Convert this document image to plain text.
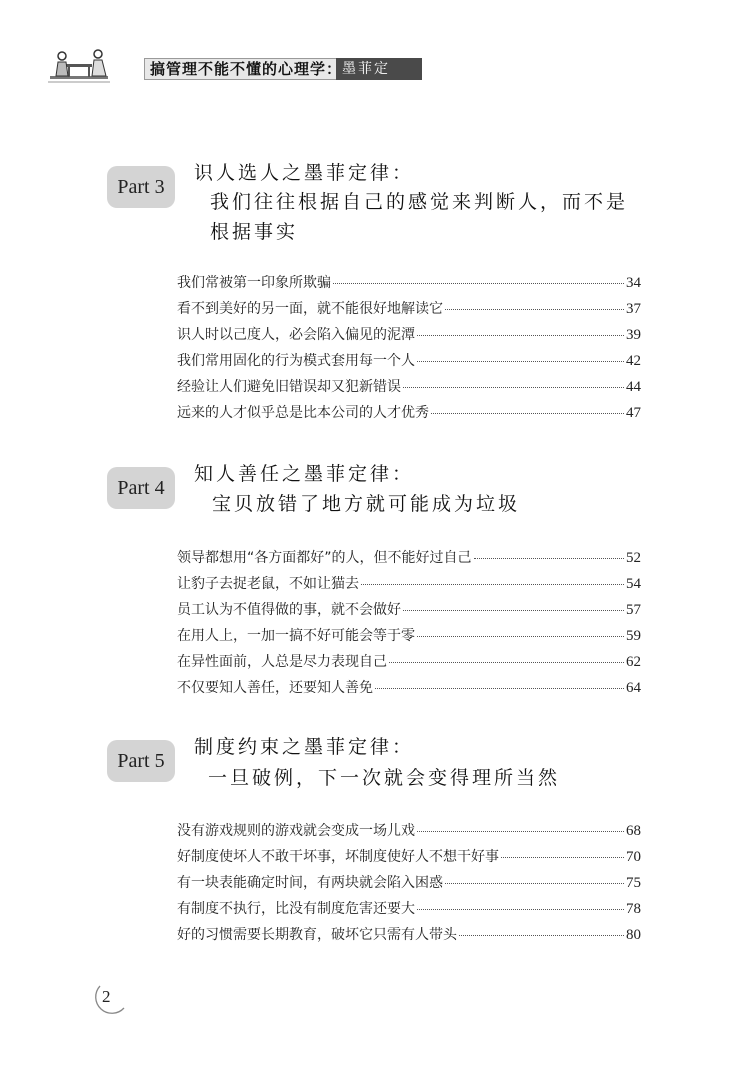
搞管理不能不懂的心理学： 墨菲定律
Part 3
识人选人之墨菲定律：
我们往往根据自己的感觉来判断人，而不是
根据事实
我们常被第一印象所欺骗	34
看不到美好的另一面，就不能很好地解读它	37
识人时以己度人，必会陷入偏见的泥潭	39
我们常用固化的行为模式套用每一个人	42
经验让人们避免旧错误却又犯新错误	44
远来的人才似乎总是比本公司的人才优秀	47
Part 4
知人善任之墨菲定律：
宝贝放错了地方就可能成为垃圾
领导都想用“各方面都好”的人，但不能好过自己	52
让豹子去捉老鼠，不如让猫去	54
员工认为不值得做的事，就不会做好	57
在用人上，一加一搞不好可能会等于零	59
在异性面前，人总是尽力表现自己	62
不仅要知人善任，还要知人善免	64
Part 5
制度约束之墨菲定律：
一旦破例，下一次就会变得理所当然
没有游戏规则的游戏就会变成一场儿戏	68
好制度使坏人不敢干坏事，坏制度使好人不想干好事	70
有一块表能确定时间，有两块就会陷入困惑	75
有制度不执行，比没有制度危害还要大	78
好的习惯需要长期教育，破坏它只需有人带头	80
2
